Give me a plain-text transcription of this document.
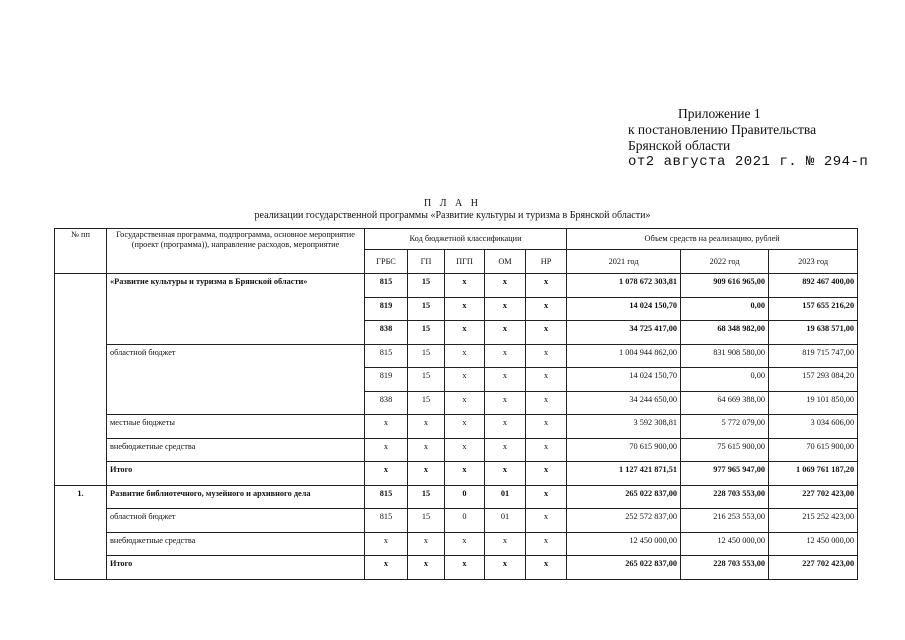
Приложение 1
к постановлению Правительства
Брянской области
от2 августа 2021 г. № 294-п
П Л А Н
реализации государственной программы «Развитие культуры и туризма в Брянской области»
№ пп	Государственная программа, подпрограмма, основное мероприятие (проект (программа)), направление расходов, мероприятие	Код бюджетной классификации					Объем средств на реализацию, рублей		
		ГРБС	ГП	ПГП	ОМ	НР	2021 год	2022 год	2023 год
	«Развитие культуры и туризма в Брянской области»	815	15	х	х	х	1 078 672 303,81	909 616 965,00	892 467 400,00
		819	15	х	х	х	14 024 150,70	0,00	157 655 216,20
		838	15	х	х	х	34 725 417,00	68 348 982,00	19 638 571,00
	областной бюджет	815	15	х	х	х	1 004 944 862,00	831 908 580,00	819 715 747,00
		819	15	х	х	х	14 024 150,70	0,00	157 293 084,20
		838	15	х	х	х	34 244 650,00	64 669 388,00	19 101 850,00
	местные бюджеты	х	х	х	х	х	3 592 308,81	5 772 079,00	3 034 606,00
	внебюджетные средства	х	х	х	х	х	70 615 900,00	75 615 900,00	70 615 900,00
	Итого	х	х	х	х	х	1 127 421 871,51	977 965 947,00	1 069 761 187,20
1.	Развитие библиотечного, музейного и архивного дела	815	15	0	01	х	265 022 837,00	228 703 553,00	227 702 423,00
	областной бюджет	815	15	0	01	х	252 572 837,00	216 253 553,00	215 252 423,00
	внебюджетные средства	х	х	х	х	х	12 450 000,00	12 450 000,00	12 450 000,00
	Итого	х	х	х	х	х	265 022 837,00	228 703 553,00	227 702 423,00
